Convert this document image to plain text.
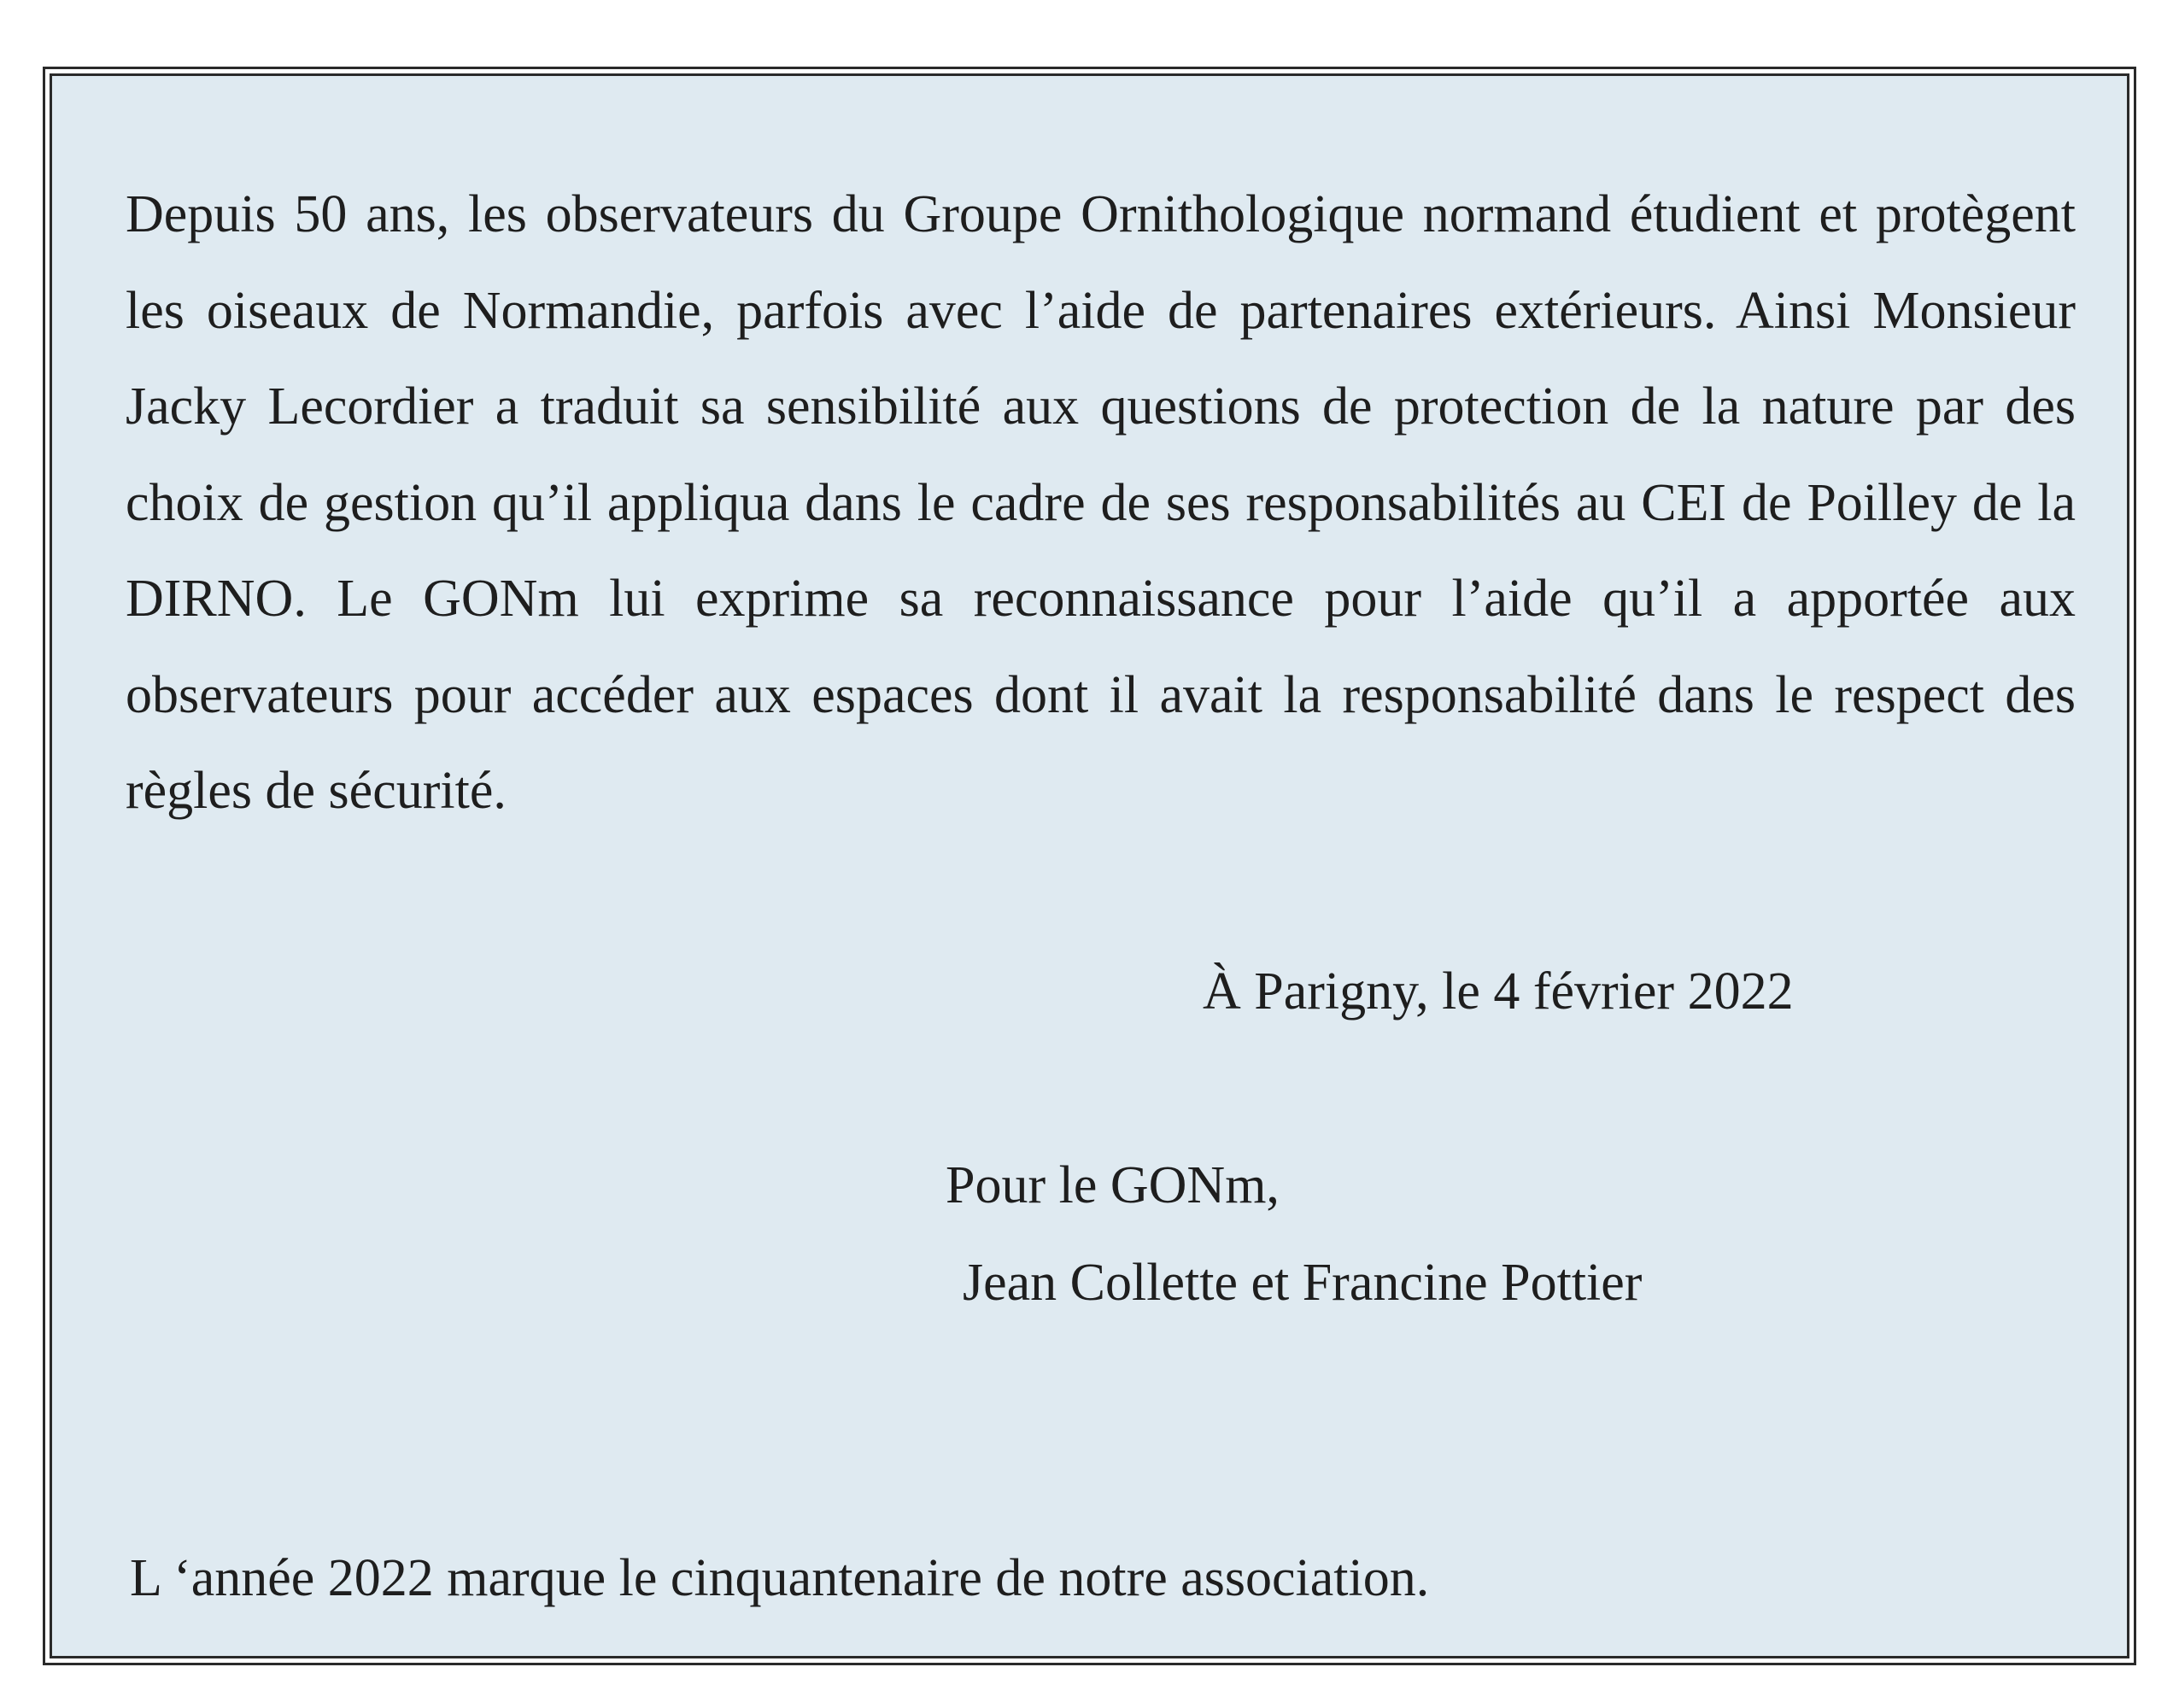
Depuis 50 ans, les observateurs du Groupe Ornithologique normand étudient et protègent les oiseaux de Normandie, parfois avec l’aide de partenaires extérieurs. Ainsi Monsieur Jacky Lecordier a traduit sa sensibilité aux questions de protection de la nature par des choix de gestion qu’il appliqua dans le cadre de ses responsabilités au CEI de Poilley de la DIRNO. Le GONm lui exprime sa reconnaissance pour l’aide qu’il a apportée aux observateurs pour accéder aux espaces dont il avait la responsabilité dans le respect des règles de sécurité.

À Parigny, le 4 février 2022

Pour le GONm,

Jean Collette et Francine Pottier

L ‘année 2022 marque le cinquantenaire de notre association.
